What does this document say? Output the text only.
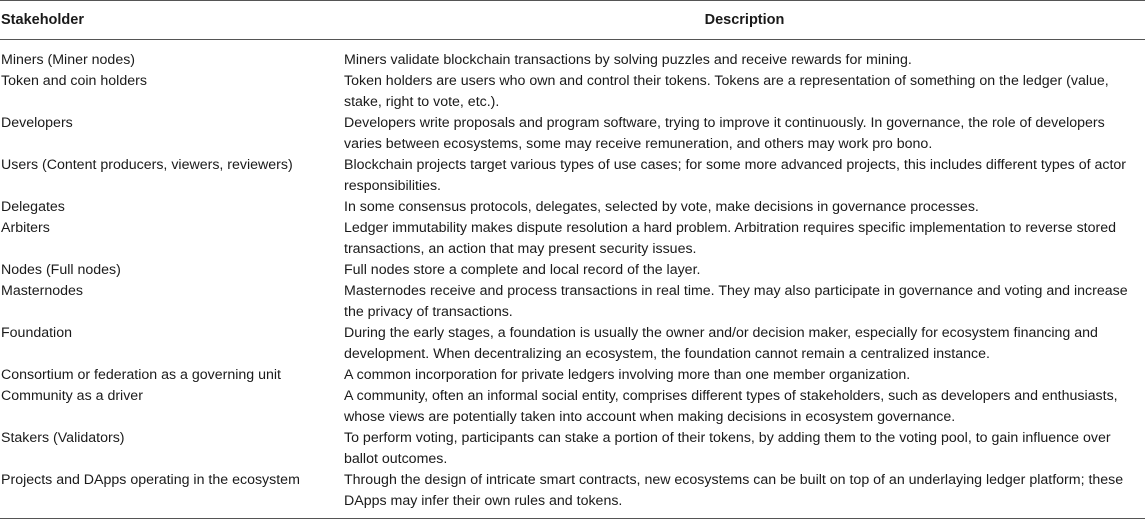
Stakeholder	Description
Miners (Miner nodes)	Miners validate blockchain transactions by solving puzzles and receive rewards for mining.
Token and coin holders	Token holders are users who own and control their tokens. Tokens are a representation of something on the ledger (value, stake, right to vote, etc.).
Developers	Developers write proposals and program software, trying to improve it continuously. In governance, the role of developers varies between ecosystems, some may receive remuneration, and others may work pro bono.
Users (Content producers, viewers, reviewers)	Blockchain projects target various types of use cases; for some more advanced projects, this includes different types of actor responsibilities.
Delegates	In some consensus protocols, delegates, selected by vote, make decisions in governance processes.
Arbiters	Ledger immutability makes dispute resolution a hard problem. Arbitration requires specific implementation to reverse stored transactions, an action that may present security issues.
Nodes (Full nodes)	Full nodes store a complete and local record of the layer.
Masternodes	Masternodes receive and process transactions in real time. They may also participate in governance and voting and increase the privacy of transactions.
Foundation	During the early stages, a foundation is usually the owner and/or decision maker, especially for ecosystem financing and development. When decentralizing an ecosystem, the foundation cannot remain a centralized instance.
Consortium or federation as a governing unit	A common incorporation for private ledgers involving more than one member organization.
Community as a driver	A community, often an informal social entity, comprises different types of stakeholders, such as developers and enthusiasts, whose views are potentially taken into account when making decisions in ecosystem governance.
Stakers (Validators)	To perform voting, participants can stake a portion of their tokens, by adding them to the voting pool, to gain influence over ballot outcomes.
Projects and DApps operating in the ecosystem	Through the design of intricate smart contracts, new ecosystems can be built on top of an underlaying ledger platform; these DApps may infer their own rules and tokens.
